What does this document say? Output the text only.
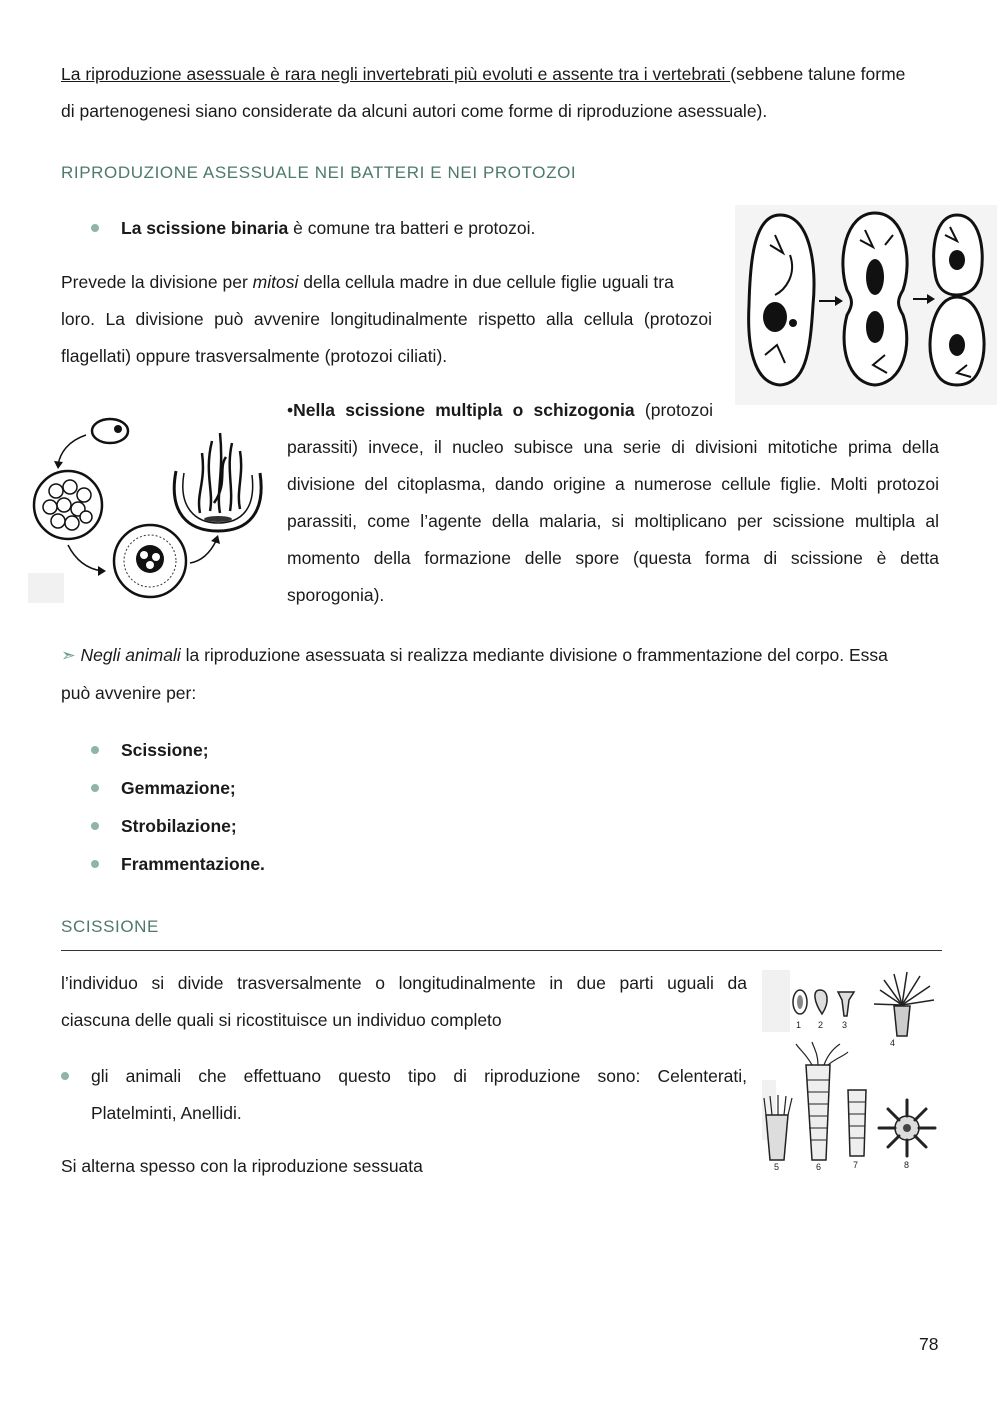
La riproduzione asessuale è rara negli invertebrati più evoluti e assente tra i vertebrati (sebbene talune forme
di partenogenesi siano considerate da alcuni autori come forme di riproduzione asessuale).
RIPRODUZIONE ASESSUALE NEI BATTERI E NEI PROTOZOI
La scissione binaria è comune tra batteri e protozoi.
Prevede la divisione per mitosi della cellula madre in due cellule figlie uguali tra
loro. La divisione può avvenire longitudinalmente rispetto alla cellula (protozoi
flagellati) oppure trasversalmente (protozoi ciliati).
•Nella scissione multipla o schizogonia (protozoi
parassiti) invece, il nucleo subisce una serie di divisioni mitotiche prima della
divisione del citoplasma, dando origine a numerose cellule figlie. Molti protozoi
parassiti, come l’agente della malaria, si moltiplicano per scissione multipla al
momento della formazione delle spore (questa forma di scissione è detta
sporogonia).
➣ Negli animali la riproduzione asessuata si realizza mediante divisione o frammentazione del corpo. Essa
può avvenire per:
Scissione;
Gemmazione;
Strobilazione;
Frammentazione.
SCISSIONE
l’individuo si divide trasversalmente o longitudinalmente in due parti uguali da
ciascuna delle quali si ricostituisce un individuo completo
gli animali che effettuano questo tipo di riproduzione sono: Celenterati,
Platelminti, Anellidi.
Si alterna spesso con la riproduzione sessuata
1 2 3
4
5	6	7	8
78
